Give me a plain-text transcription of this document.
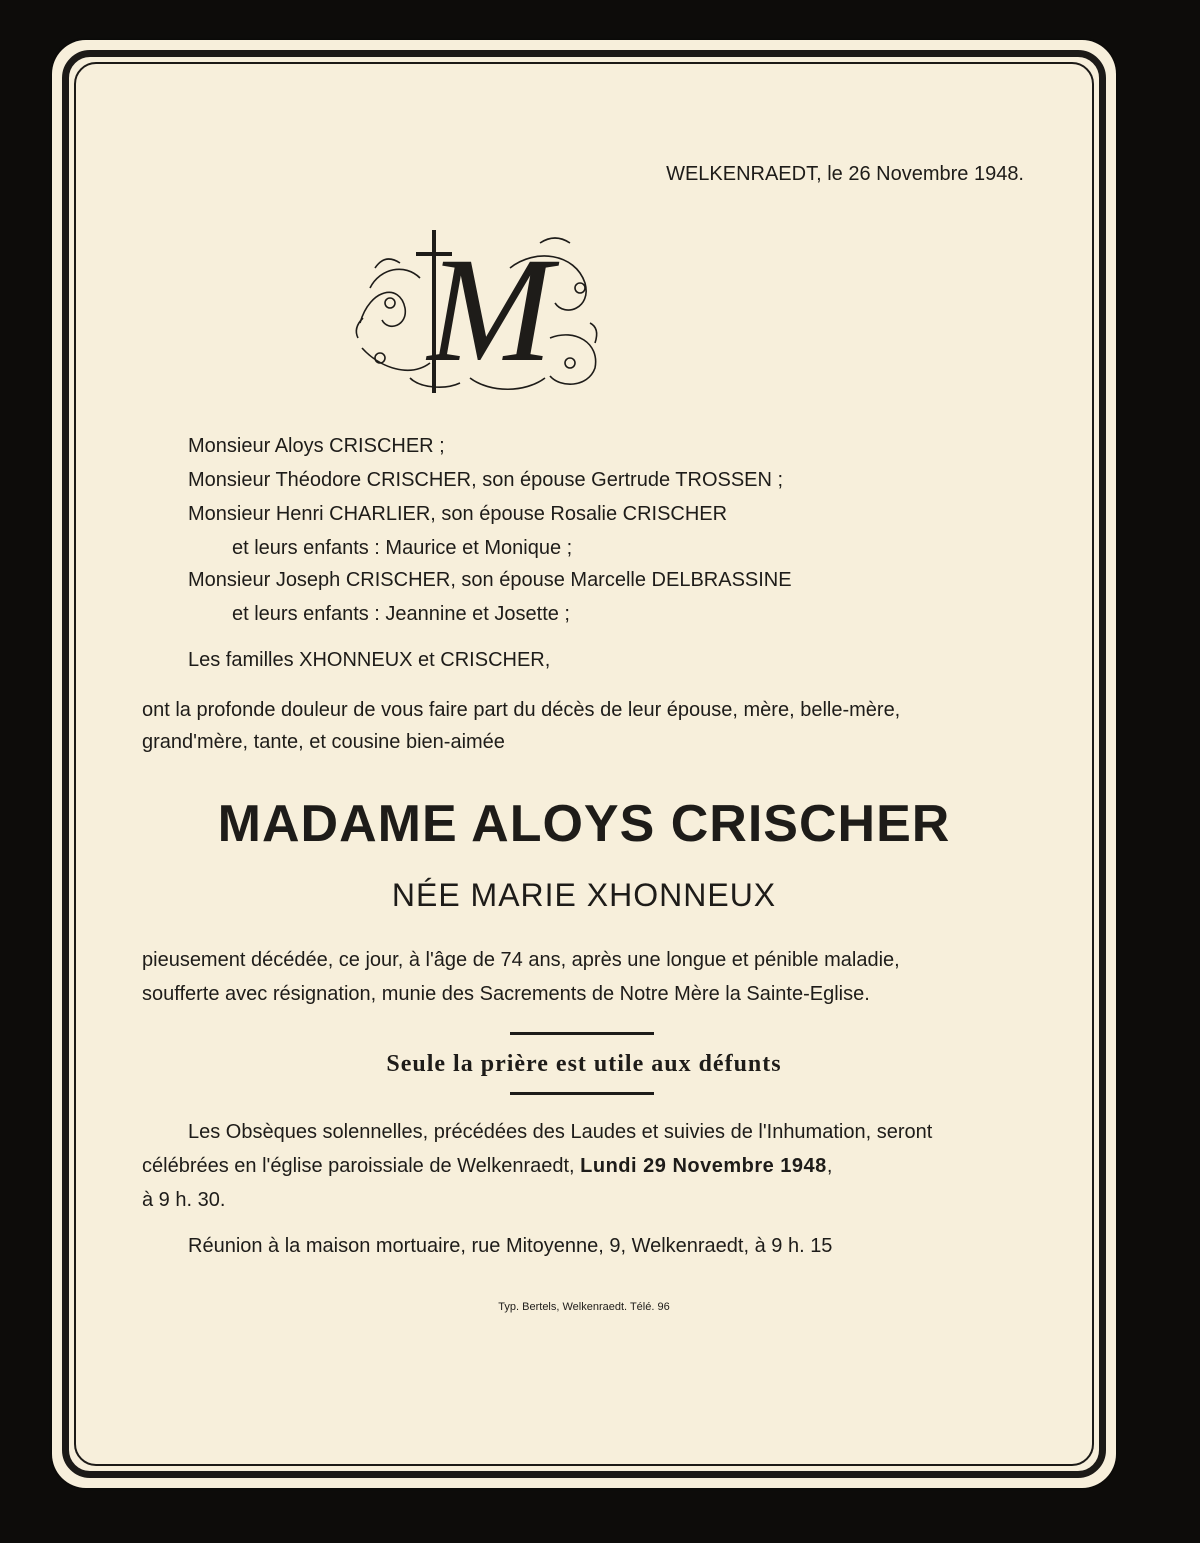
WELKENRAEDT, le 26 Novembre 1948.
M
Monsieur Aloys CRISCHER ;
Monsieur Théodore CRISCHER, son épouse Gertrude TROSSEN ;
Monsieur Henri CHARLIER, son épouse Rosalie CRISCHER
et leurs enfants : Maurice et Monique ;
Monsieur Joseph CRISCHER, son épouse Marcelle DELBRASSINE
et leurs enfants : Jeannine et Josette ;
Les familles XHONNEUX et CRISCHER,
ont la profonde douleur de vous faire part du décès de leur épouse, mère, belle-mère,
grand'mère, tante, et cousine bien-aimée
MADAME ALOYS CRISCHER
NÉE MARIE XHONNEUX
pieusement décédée, ce jour, à l'âge de 74 ans, après une longue et pénible maladie,
soufferte avec résignation, munie des Sacrements de Notre Mère la Sainte-Eglise.
Seule la prière est utile aux défunts
Les Obsèques solennelles, précédées des Laudes et suivies de l'Inhumation, seront
célébrées en l'église paroissiale de Welkenraedt, Lundi 29 Novembre 1948,
à 9 h. 30.
Réunion à la maison mortuaire, rue Mitoyenne, 9, Welkenraedt, à 9 h. 15
Typ. Bertels, Welkenraedt. Télé. 96
